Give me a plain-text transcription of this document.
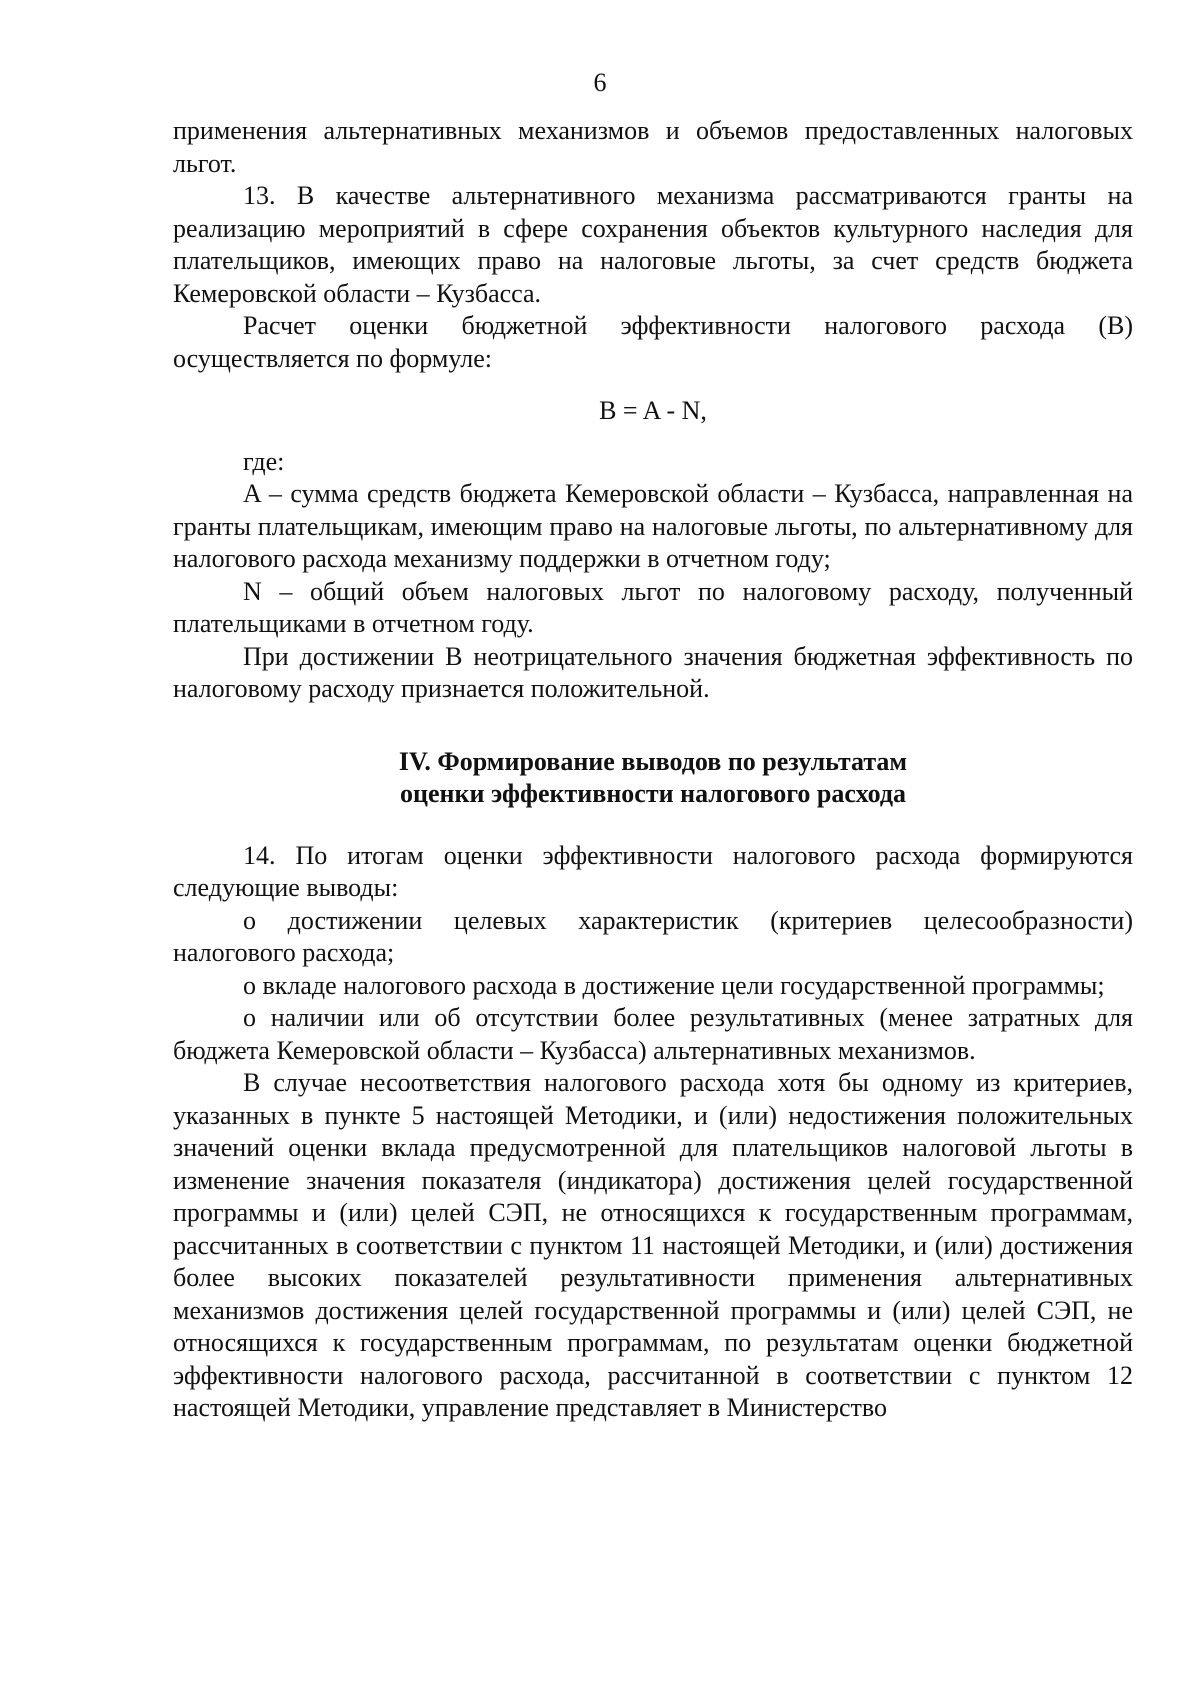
6

применения альтернативных механизмов и объемов предоставленных налоговых льгот.

13. В качестве альтернативного механизма рассматриваются гранты на реализацию мероприятий в сфере сохранения объектов культурного наследия для плательщиков, имеющих право на налоговые льготы, за счет средств бюджета Кемеровской области – Кузбасса.

Расчет оценки бюджетной эффективности налогового расхода (B) осуществляется по формуле:

B = A - N,

где:

A – сумма средств бюджета Кемеровской области – Кузбасса, направленная на гранты плательщикам, имеющим право на налоговые льготы, по альтернативному для налогового расхода механизму поддержки в отчетном году;

N – общий объем налоговых льгот по налоговому расходу, полученный плательщиками в отчетном году.

При достижении B неотрицательного значения бюджетная эффективность по налоговому расходу признается положительной.

IV. Формирование выводов по результатам
оценки эффективности налогового расхода

14. По итогам оценки эффективности налогового расхода формируются следующие выводы:

о достижении целевых характеристик (критериев целесообразности) налогового расхода;

о вкладе налогового расхода в достижение цели государственной программы;

о наличии или об отсутствии более результативных (менее затратных для бюджета Кемеровской области – Кузбасса) альтернативных механизмов.

В случае несоответствия налогового расхода хотя бы одному из критериев, указанных в пункте 5 настоящей Методики, и (или) недостижения положительных значений оценки вклада предусмотренной для плательщиков налоговой льготы в изменение значения показателя (индикатора) достижения целей государственной программы и (или) целей СЭП, не относящихся к государственным программам, рассчитанных в соответствии с пунктом 11 настоящей Методики, и (или) достижения более высоких показателей результативности применения альтернативных механизмов достижения целей государственной программы и (или) целей СЭП, не относящихся к государственным программам, по результатам оценки бюджетной эффективности налогового расхода, рассчитанной в соответствии с пунктом 12 настоящей Методики, управление представляет в Министерство
